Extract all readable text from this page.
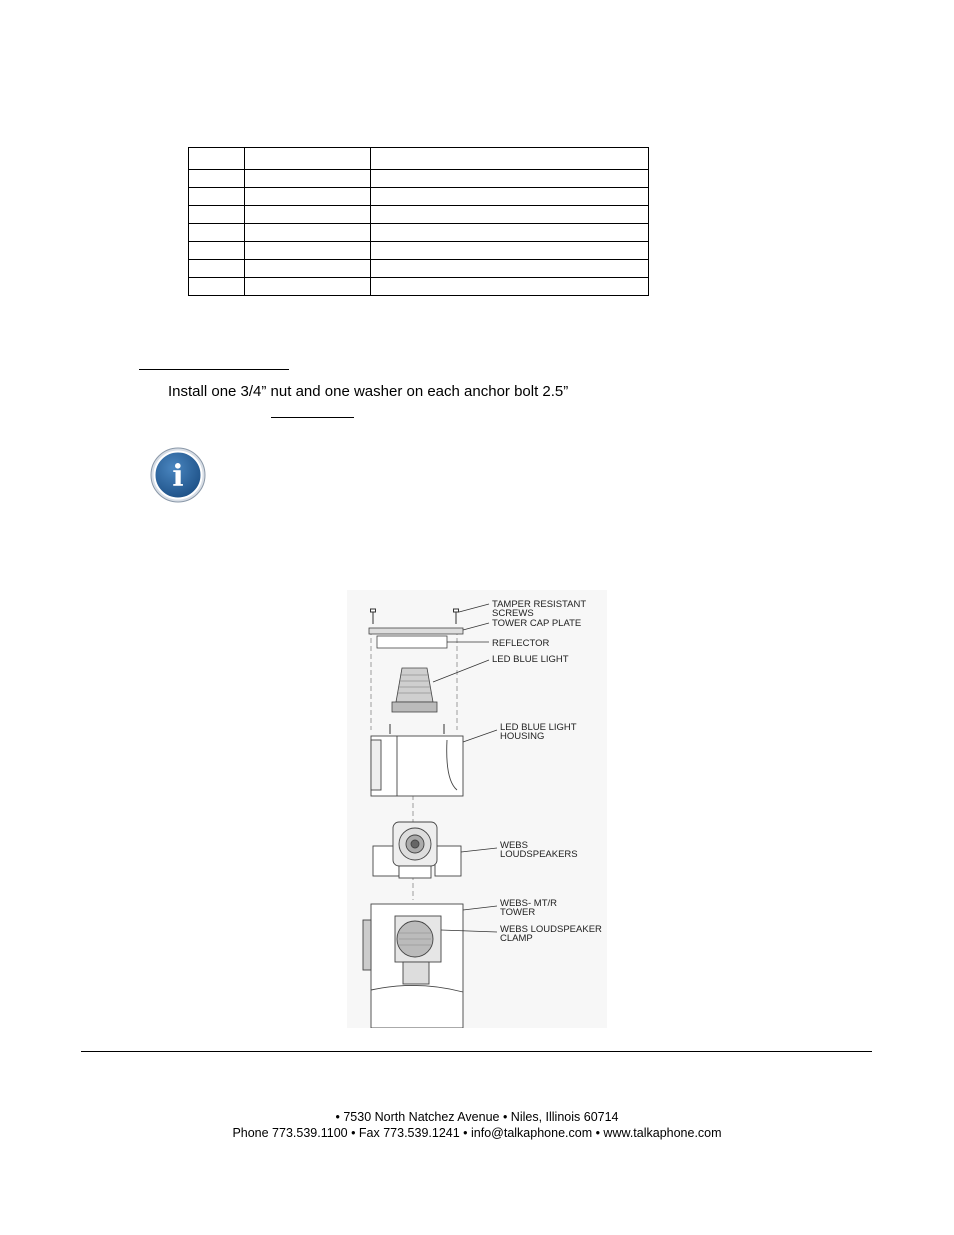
Install one 3/4” nut and one washer on each anchor bolt 2.5”
i
TAMPER RESISTANT
SCREWS
TOWER CAP PLATE
REFLECTOR
LED BLUE LIGHT
LED BLUE LIGHT
HOUSING
WEBS
LOUDSPEAKERS
WEBS- MT/R
TOWER
WEBS LOUDSPEAKER
CLAMP
• 7530 North Natchez Avenue • Niles, Illinois 60714
Phone 773.539.1100 • Fax 773.539.1241 • info@talkaphone.com • www.talkaphone.com
